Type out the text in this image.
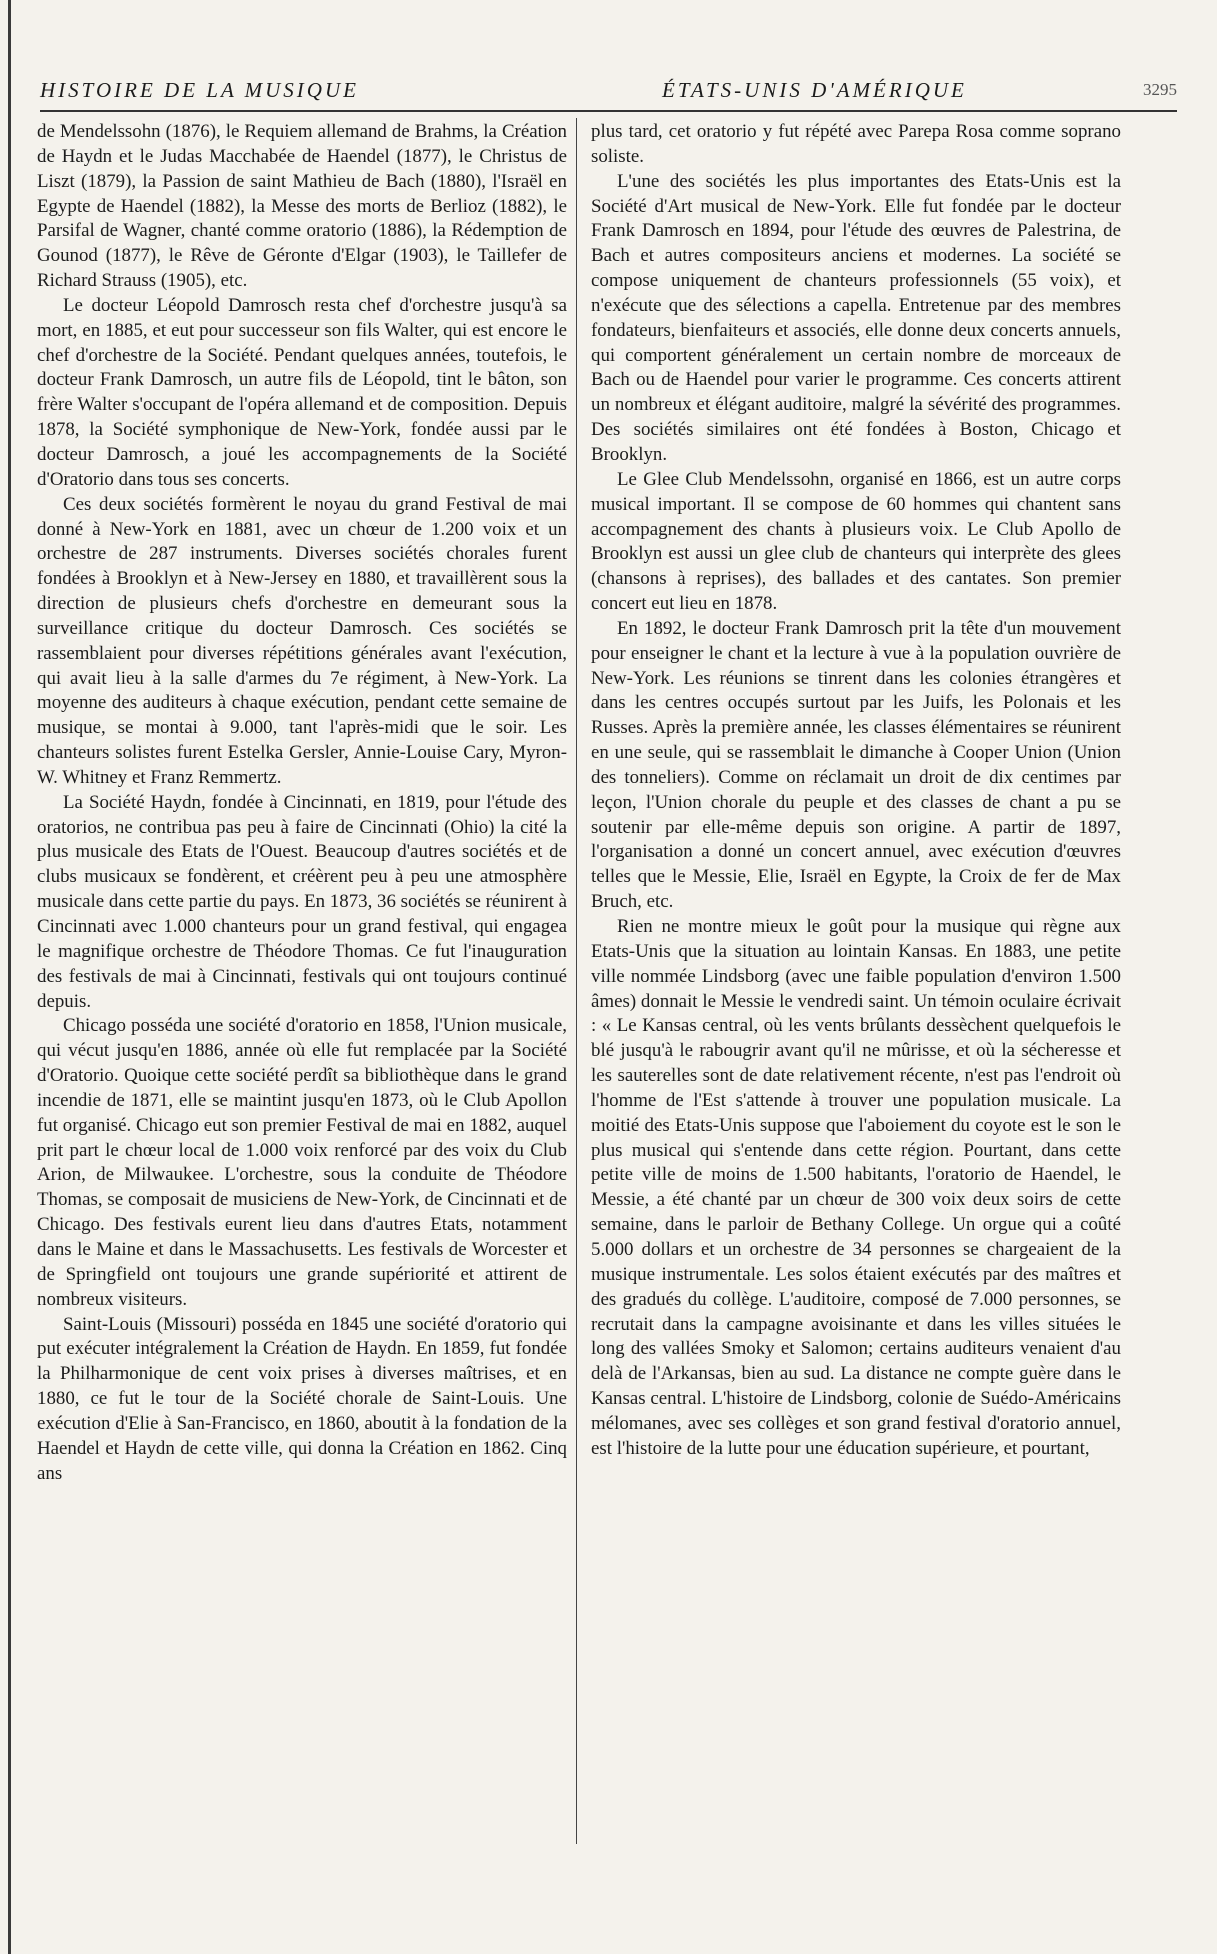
HISTOIRE DE LA MUSIQUE	ÉTATS-UNIS D'AMÉRIQUE	3295

de Mendelssohn (1876), le Requiem allemand de Brahms, la Création de Haydn et le Judas Macchabée de Haendel (1877), le Christus de Liszt (1879), la Passion de saint Mathieu de Bach (1880), l'Israël en Egypte de Haendel (1882), la Messe des morts de Berlioz (1882), le Parsifal de Wagner, chanté comme oratorio (1886), la Rédemption de Gounod (1877), le Rêve de Géronte d'Elgar (1903), le Taillefer de Richard Strauss (1905), etc.

Le docteur Léopold Damrosch resta chef d'orchestre jusqu'à sa mort, en 1885, et eut pour successeur son fils Walter, qui est encore le chef d'orchestre de la Société. Pendant quelques années, toutefois, le docteur Frank Damrosch, un autre fils de Léopold, tint le bâton, son frère Walter s'occupant de l'opéra allemand et de composition. Depuis 1878, la Société symphonique de New-York, fondée aussi par le docteur Damrosch, a joué les accompagnements de la Société d'Oratorio dans tous ses concerts.

Ces deux sociétés formèrent le noyau du grand Festival de mai donné à New-York en 1881, avec un chœur de 1.200 voix et un orchestre de 287 instruments. Diverses sociétés chorales furent fondées à Brooklyn et à New-Jersey en 1880, et travaillèrent sous la direction de plusieurs chefs d'orchestre en demeurant sous la surveillance critique du docteur Damrosch. Ces sociétés se rassemblaient pour diverses répétitions générales avant l'exécution, qui avait lieu à la salle d'armes du 7e régiment, à New-York. La moyenne des auditeurs à chaque exécution, pendant cette semaine de musique, se montai à 9.000, tant l'après-midi que le soir. Les chanteurs solistes furent Estelka Gersler, Annie-Louise Cary, Myron-W. Whitney et Franz Remmertz.

La Société Haydn, fondée à Cincinnati, en 1819, pour l'étude des oratorios, ne contribua pas peu à faire de Cincinnati (Ohio) la cité la plus musicale des Etats de l'Ouest. Beaucoup d'autres sociétés et de clubs musicaux se fondèrent, et créèrent peu à peu une atmosphère musicale dans cette partie du pays. En 1873, 36 sociétés se réunirent à Cincinnati avec 1.000 chanteurs pour un grand festival, qui engagea le magnifique orchestre de Théodore Thomas. Ce fut l'inauguration des festivals de mai à Cincinnati, festivals qui ont toujours continué depuis.

Chicago posséda une société d'oratorio en 1858, l'Union musicale, qui vécut jusqu'en 1886, année où elle fut remplacée par la Société d'Oratorio. Quoique cette société perdît sa bibliothèque dans le grand incendie de 1871, elle se maintint jusqu'en 1873, où le Club Apollon fut organisé. Chicago eut son premier Festival de mai en 1882, auquel prit part le chœur local de 1.000 voix renforcé par des voix du Club Arion, de Milwaukee. L'orchestre, sous la conduite de Théodore Thomas, se composait de musiciens de New-York, de Cincinnati et de Chicago. Des festivals eurent lieu dans d'autres Etats, notamment dans le Maine et dans le Massachusetts. Les festivals de Worcester et de Springfield ont toujours une grande supériorité et attirent de nombreux visiteurs.

Saint-Louis (Missouri) posséda en 1845 une société d'oratorio qui put exécuter intégralement la Création de Haydn. En 1859, fut fondée la Philharmonique de cent voix prises à diverses maîtrises, et en 1880, ce fut le tour de la Société chorale de Saint-Louis. Une exécution d'Elie à San-Francisco, en 1860, aboutit à la fondation de la Haendel et Haydn de cette ville, qui donna la Création en 1862. Cinq ans

plus tard, cet oratorio y fut répété avec Parepa Rosa comme soprano soliste.

L'une des sociétés les plus importantes des Etats-Unis est la Société d'Art musical de New-York. Elle fut fondée par le docteur Frank Damrosch en 1894, pour l'étude des œuvres de Palestrina, de Bach et autres compositeurs anciens et modernes. La société se compose uniquement de chanteurs professionnels (55 voix), et n'exécute que des sélections a capella. Entretenue par des membres fondateurs, bienfaiteurs et associés, elle donne deux concerts annuels, qui comportent généralement un certain nombre de morceaux de Bach ou de Haendel pour varier le programme. Ces concerts attirent un nombreux et élégant auditoire, malgré la sévérité des programmes. Des sociétés similaires ont été fondées à Boston, Chicago et Brooklyn.

Le Glee Club Mendelssohn, organisé en 1866, est un autre corps musical important. Il se compose de 60 hommes qui chantent sans accompagnement des chants à plusieurs voix. Le Club Apollo de Brooklyn est aussi un glee club de chanteurs qui interprète des glees (chansons à reprises), des ballades et des cantates. Son premier concert eut lieu en 1878.

En 1892, le docteur Frank Damrosch prit la tête d'un mouvement pour enseigner le chant et la lecture à vue à la population ouvrière de New-York. Les réunions se tinrent dans les colonies étrangères et dans les centres occupés surtout par les Juifs, les Polonais et les Russes. Après la première année, les classes élémentaires se réunirent en une seule, qui se rassemblait le dimanche à Cooper Union (Union des tonneliers). Comme on réclamait un droit de dix centimes par leçon, l'Union chorale du peuple et des classes de chant a pu se soutenir par elle-même depuis son origine. A partir de 1897, l'organisation a donné un concert annuel, avec exécution d'œuvres telles que le Messie, Elie, Israël en Egypte, la Croix de fer de Max Bruch, etc.

Rien ne montre mieux le goût pour la musique qui règne aux Etats-Unis que la situation au lointain Kansas. En 1883, une petite ville nommée Lindsborg (avec une faible population d'environ 1.500 âmes) donnait le Messie le vendredi saint. Un témoin oculaire écrivait : « Le Kansas central, où les vents brûlants dessèchent quelquefois le blé jusqu'à le rabougrir avant qu'il ne mûrisse, et où la sécheresse et les sauterelles sont de date relativement récente, n'est pas l'endroit où l'homme de l'Est s'attende à trouver une population musicale. La moitié des Etats-Unis suppose que l'aboiement du coyote est le son le plus musical qui s'entende dans cette région. Pourtant, dans cette petite ville de moins de 1.500 habitants, l'oratorio de Haendel, le Messie, a été chanté par un chœur de 300 voix deux soirs de cette semaine, dans le parloir de Bethany College. Un orgue qui a coûté 5.000 dollars et un orchestre de 34 personnes se chargeaient de la musique instrumentale. Les solos étaient exécutés par des maîtres et des gradués du collège. L'auditoire, composé de 7.000 personnes, se recrutait dans la campagne avoisinante et dans les villes situées le long des vallées Smoky et Salomon; certains auditeurs venaient d'au delà de l'Arkansas, bien au sud. La distance ne compte guère dans le Kansas central. L'histoire de Lindsborg, colonie de Suédo-Américains mélomanes, avec ses collèges et son grand festival d'oratorio annuel, est l'histoire de la lutte pour une éducation supérieure, et pourtant,
